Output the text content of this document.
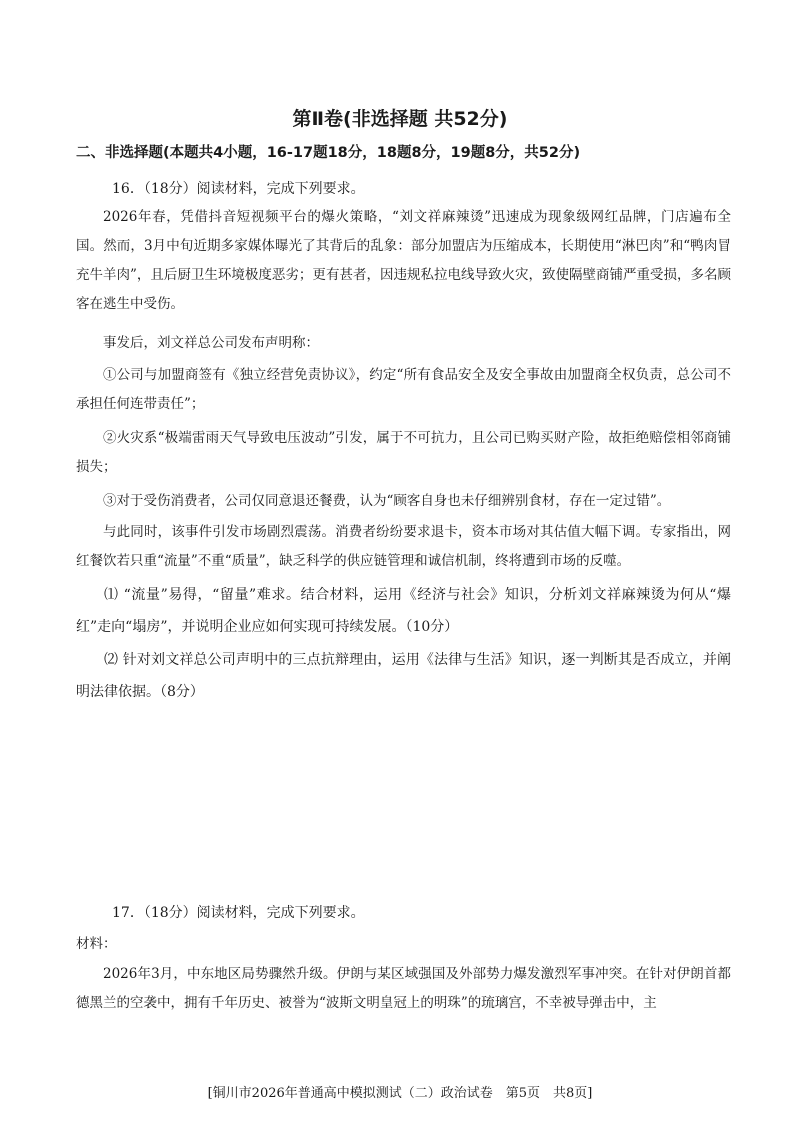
第Ⅱ卷(非选择题 共52分)
二、非选择题(本题共4小题，16-17题18分，18题8分，19题8分，共52分)
16．（18分）阅读材料，完成下列要求。
2026年春，凭借抖音短视频平台的爆火策略，“刘文祥麻辣烫”迅速成为现象级网红品牌，门店遍布全国。然而，3月中旬近期多家媒体曝光了其背后的乱象：部分加盟店为压缩成本，长期使用“淋巴肉”和“鸭肉冒充牛羊肉”，且后厨卫生环境极度恶劣；更有甚者，因违规私拉电线导致火灾，致使隔壁商铺严重受损，多名顾客在逃生中受伤。
事发后，刘文祥总公司发布声明称：
①公司与加盟商签有《独立经营免责协议》，约定“所有食品安全及安全事故由加盟商全权负责，总公司不承担任何连带责任”；
②火灾系“极端雷雨天气导致电压波动”引发，属于不可抗力，且公司已购买财产险，故拒绝赔偿相邻商铺损失；
③对于受伤消费者，公司仅同意退还餐费，认为“顾客自身也未仔细辨别食材，存在一定过错”。
与此同时，该事件引发市场剧烈震荡。消费者纷纷要求退卡，资本市场对其估值大幅下调。专家指出，网红餐饮若只重“流量”不重“质量”，缺乏科学的供应链管理和诚信机制，终将遭到市场的反噬。
⑴ “流量”易得，“留量”难求。结合材料，运用《经济与社会》知识，分析刘文祥麻辣烫为何从“爆红”走向“塌房”，并说明企业应如何实现可持续发展。（10分）
⑵ 针对刘文祥总公司声明中的三点抗辩理由，运用《法律与生活》知识，逐一判断其是否成立，并阐明法律依据。（8分）
17．（18分）阅读材料，完成下列要求。
材料：
2026年3月，中东地区局势骤然升级。伊朗与某区域强国及外部势力爆发激烈军事冲突。在针对伊朗首都德黑兰的空袭中，拥有千年历史、被誉为“波斯文明皇冠上的明珠”的琉璃宫，不幸被导弹击中，主
[铜川市2026年普通高中模拟测试（二）政治试卷　第5页　共8页]
